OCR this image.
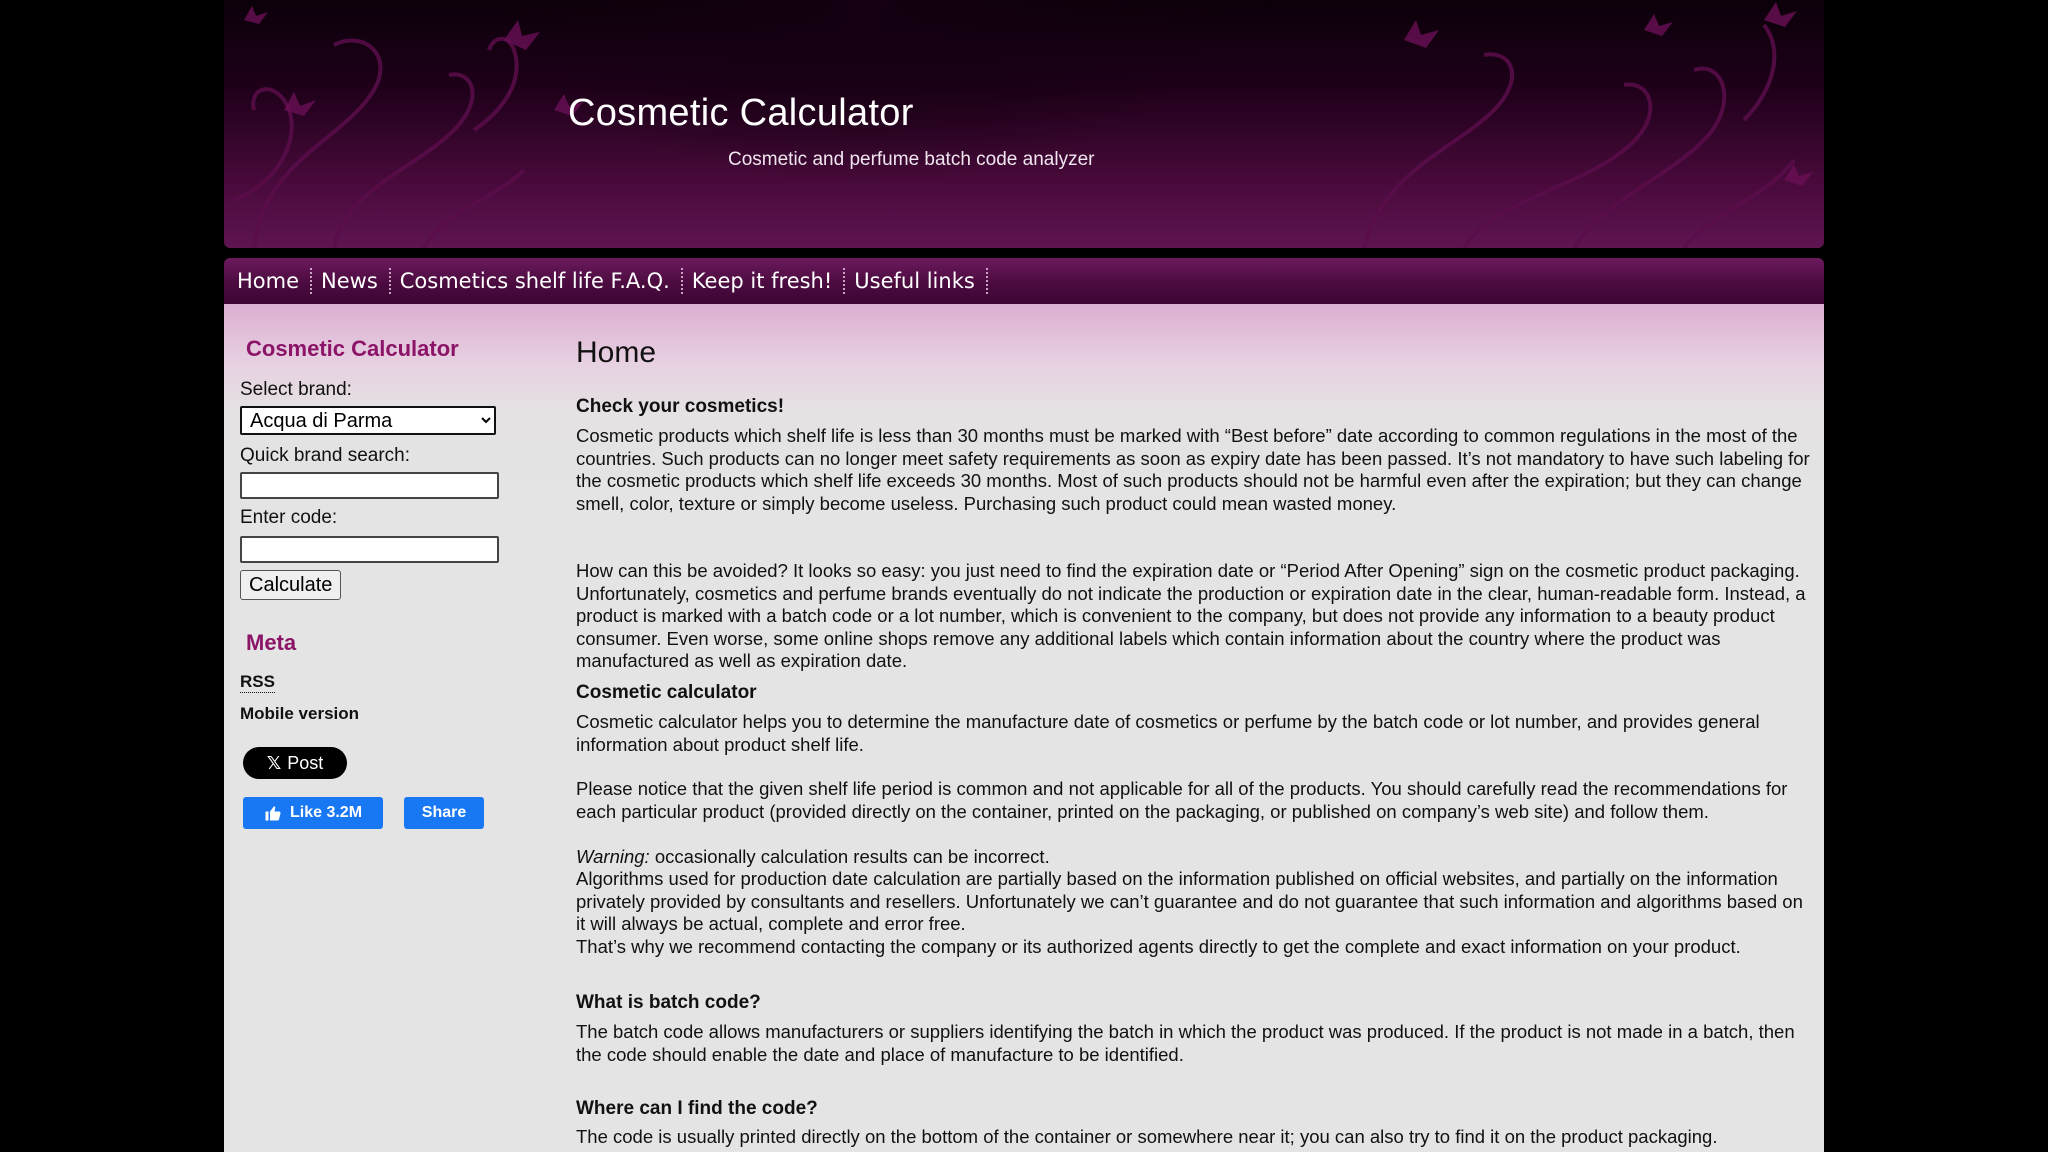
Cosmetic Calculator

Cosmetic and perfume batch code analyzer

Home	News	Cosmetics shelf life F.A.Q.	Keep it fresh!	Useful links
Cosmetic Calculator
Select brand:
Acqua di Parma
Quick brand search:
Enter code:
Calculate
Meta
RSS
Mobile version
𝕏 Post
Like 3.2M	Share
Home
Check your cosmetics!

Cosmetic products which shelf life is less than 30 months must be marked with “Best before” date according to common regulations in the most of the countries. Such products can no longer meet safety requirements as soon as expiry date has been passed. It’s not mandatory to have such labeling for the cosmetic products which shelf life exceeds 30 months. Most of such products should not be harmful even after the expiration; but they can change smell, color, texture or simply become useless. Purchasing such product could mean wasted money.

How can this be avoided? It looks so easy: you just need to find the expiration date or “Period After Opening” sign on the cosmetic product packaging. Unfortunately, cosmetics and perfume brands eventually do not indicate the production or expiration date in the clear, human-readable form. Instead, a product is marked with a batch code or a lot number, which is convenient to the company, but does not provide any information to a beauty product consumer. Even worse, some online shops remove any additional labels which contain information about the country where the product was manufactured as well as expiration date.

Cosmetic calculator

Cosmetic calculator helps you to determine the manufacture date of cosmetics or perfume by the batch code or lot number, and provides general information about product shelf life.

Please notice that the given shelf life period is common and not applicable for all of the products. You should carefully read the recommendations for each particular product (provided directly on the container, printed on the packaging, or published on company’s web site) and follow them.

Warning: occasionally calculation results can be incorrect.

Algorithms used for production date calculation are partially based on the information published on official websites, and partially on the information privately provided by consultants and resellers. Unfortunately we can’t guarantee and do not guarantee that such information and algorithms based on it will always be actual, complete and error free.

That’s why we recommend contacting the company or its authorized agents directly to get the complete and exact information on your product.

What is batch code?

The batch code allows manufacturers or suppliers identifying the batch in which the product was produced. If the product is not made in a batch, then the code should enable the date and place of manufacture to be identified.

Where can I find the code?

The code is usually printed directly on the bottom of the container or somewhere near it; you can also try to find it on the product packaging.
